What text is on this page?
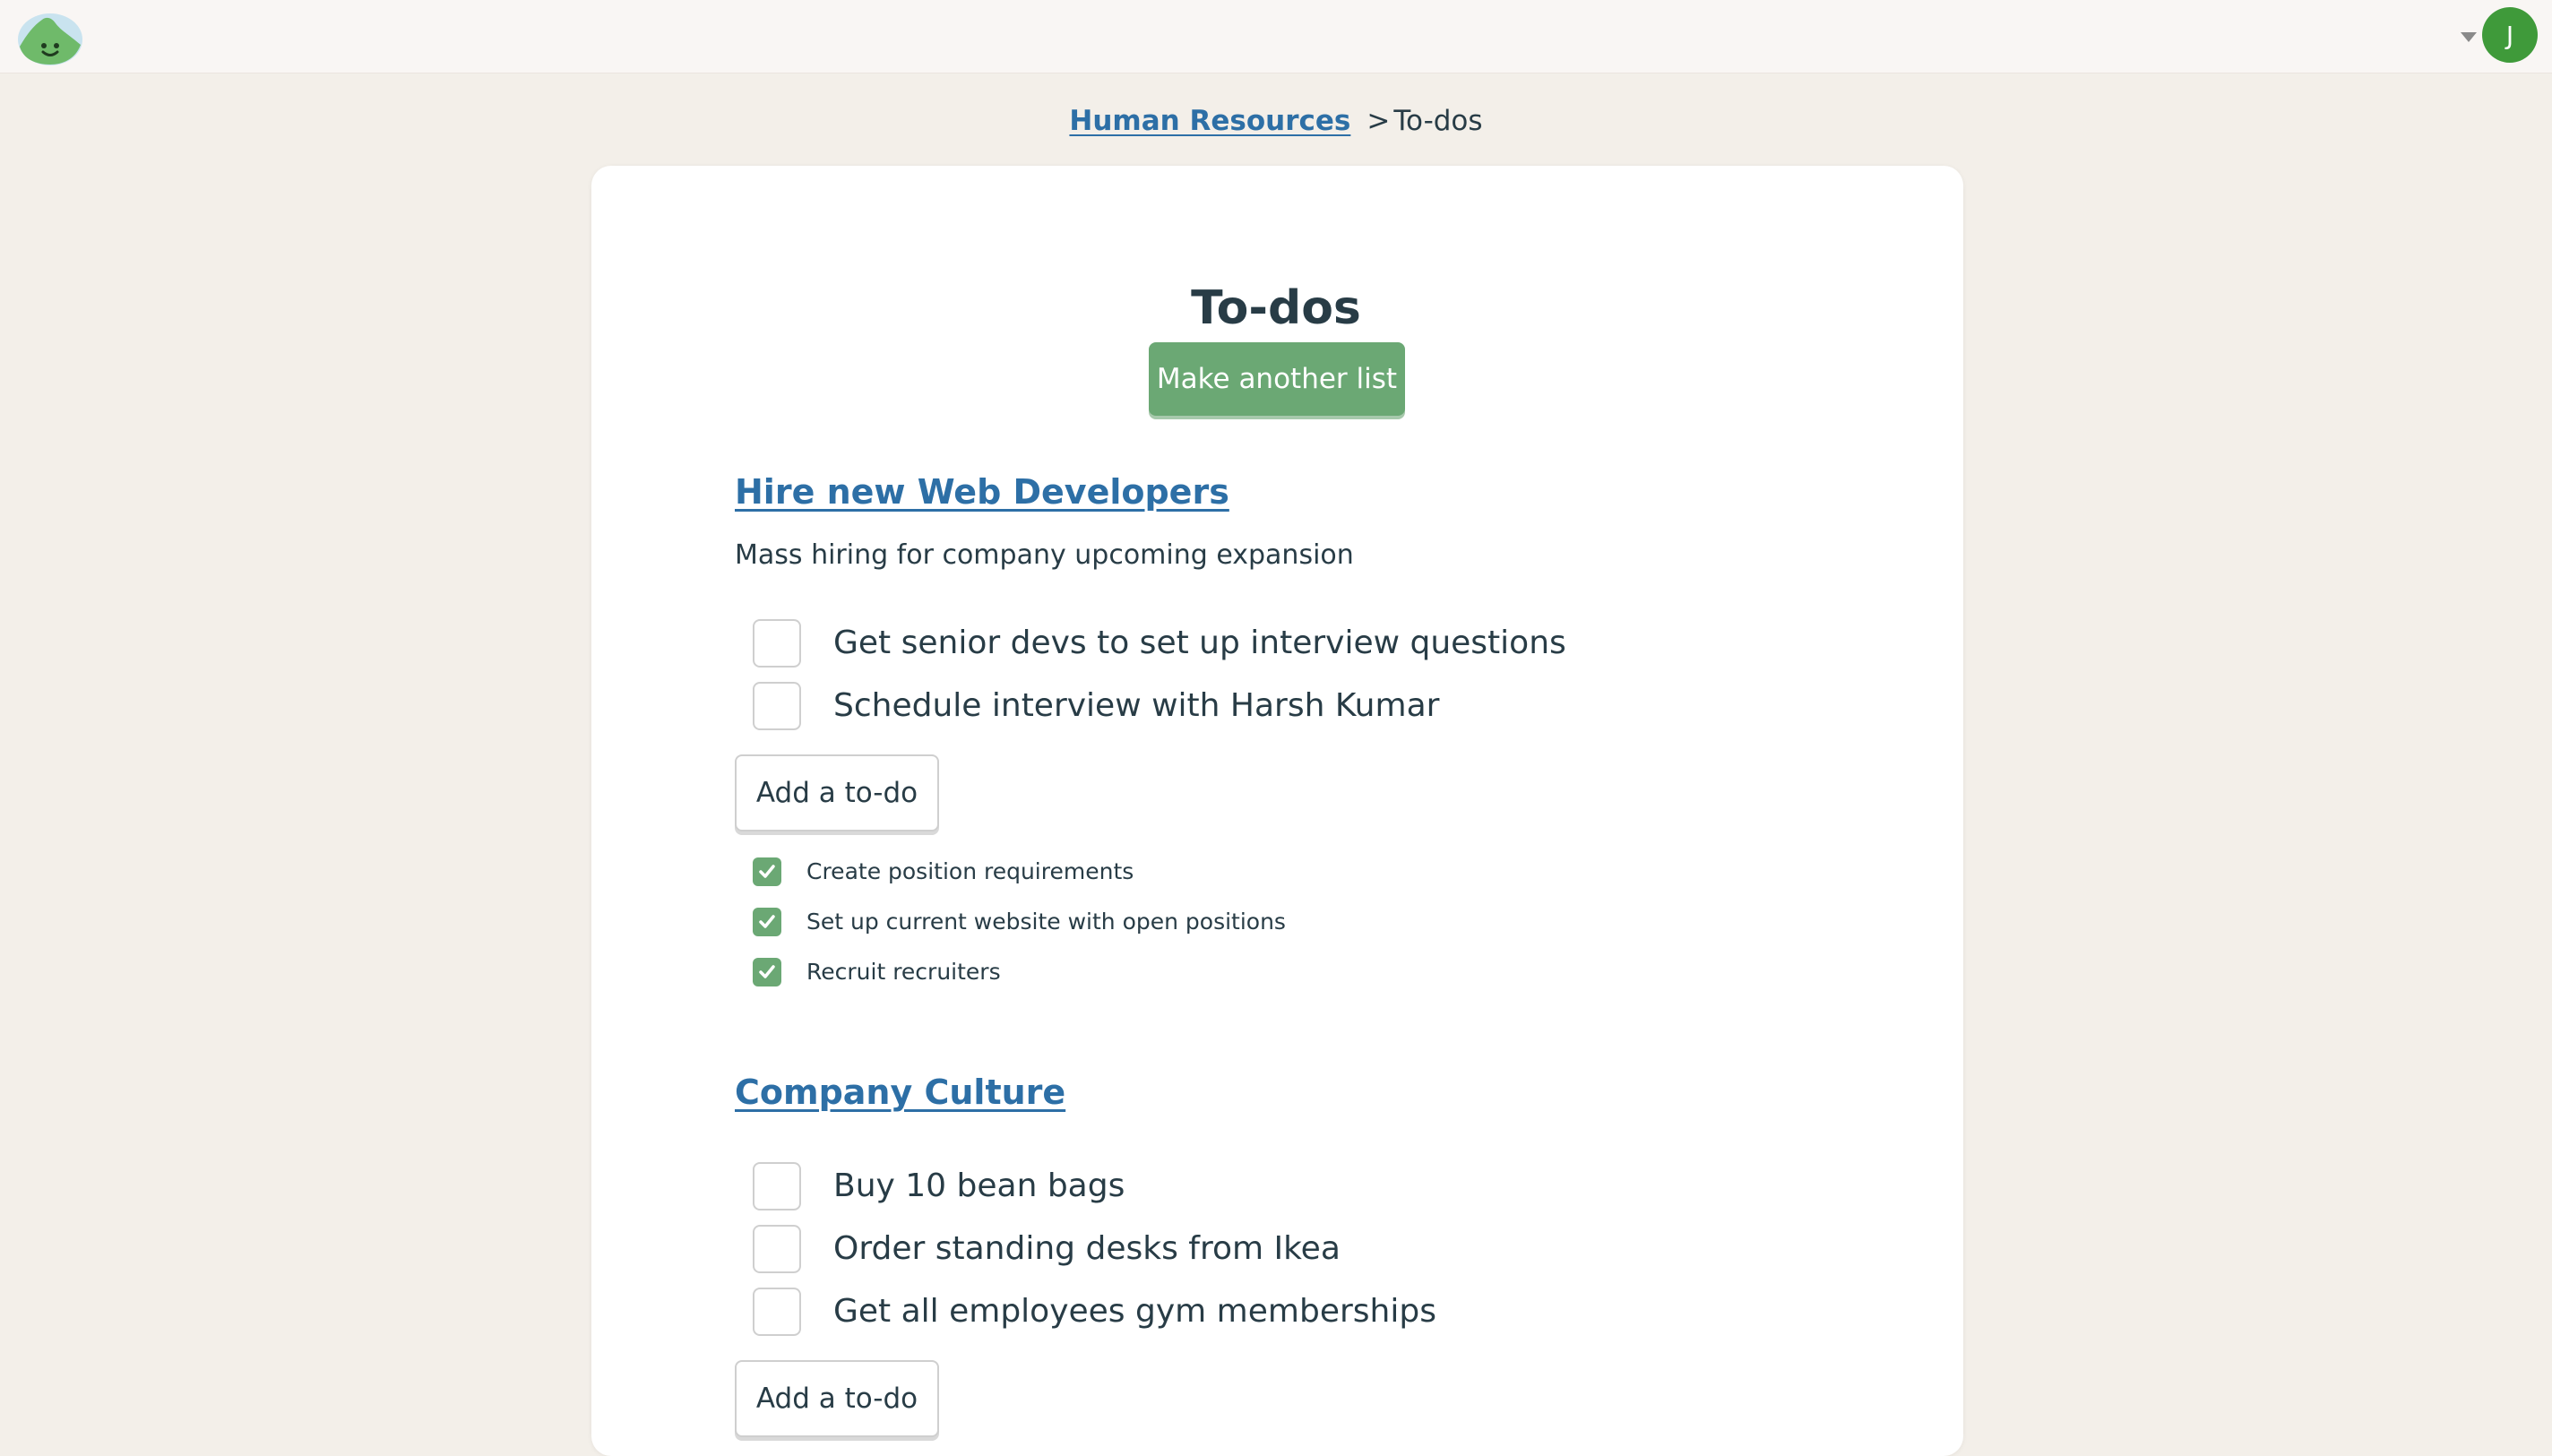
J
Human Resources > To-dos
To-dos
Make another list
Hire new Web Developers
Mass hiring for company upcoming expansion
Get senior devs to set up interview questions
Schedule interview with Harsh Kumar
Add a to-do
Create position requirements
Set up current website with open positions
Recruit recruiters
Company Culture
Buy 10 bean bags
Order standing desks from Ikea
Get all employees gym memberships
Add a to-do
